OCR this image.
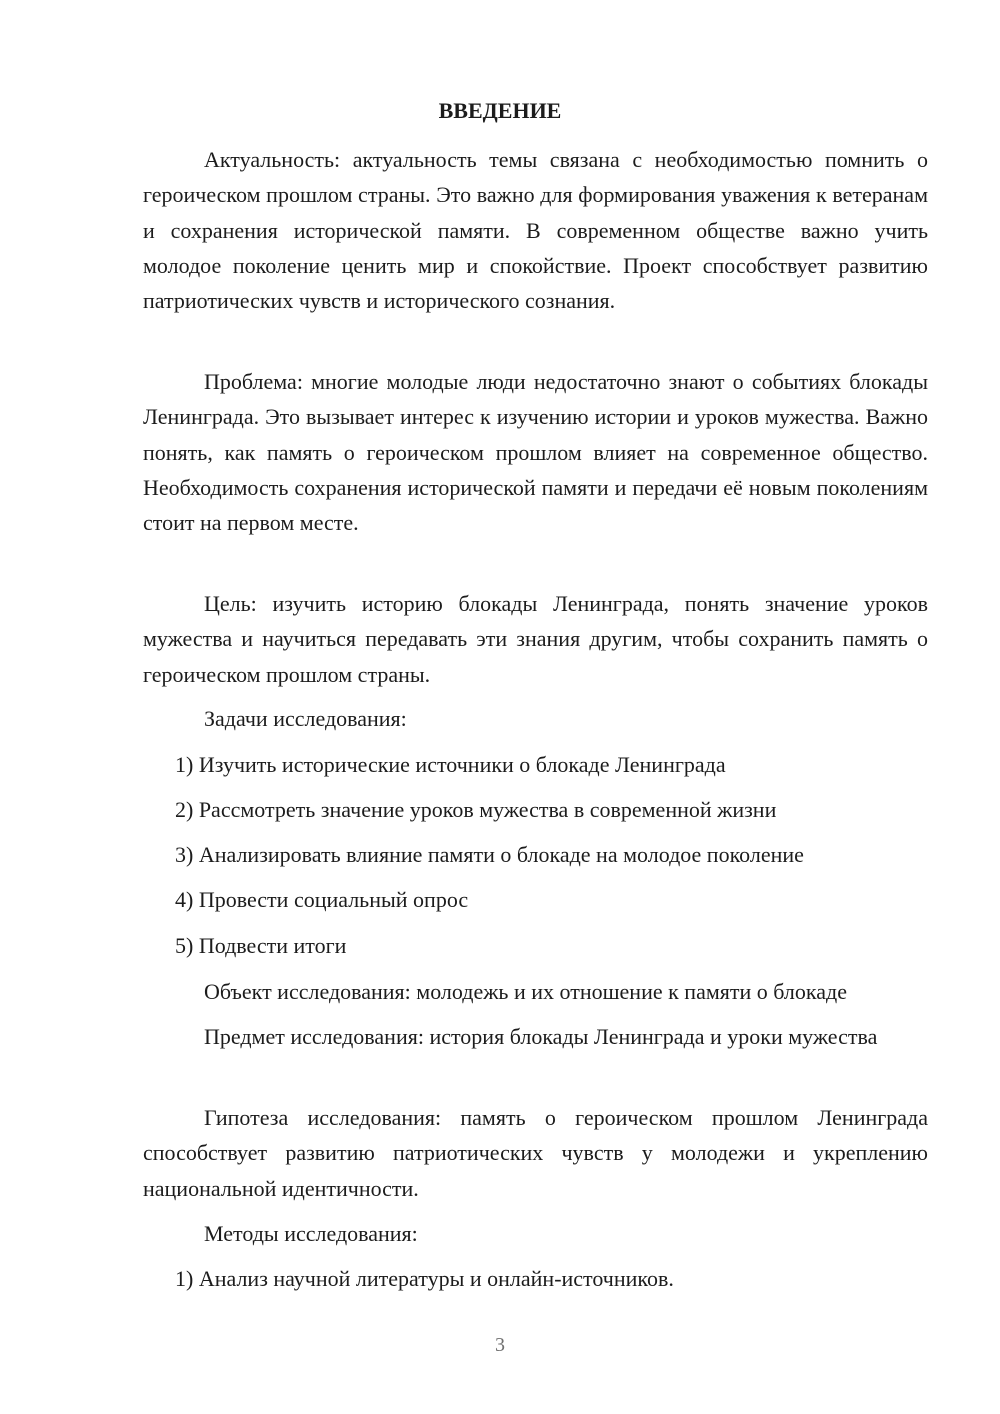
ВВЕДЕНИЕ

Актуальность: актуальность темы связана с необходимостью помнить о героическом прошлом страны. Это важно для формирования уважения к ветеранам и сохранения исторической памяти. В современном обществе важно учить молодое поколение ценить мир и спокойствие. Проект способствует развитию патриотических чувств и исторического сознания.

Проблема: многие молодые люди недостаточно знают о событиях блокады Ленинграда. Это вызывает интерес к изучению истории и уроков мужества. Важно понять, как память о героическом прошлом влияет на современное общество. Необходимость сохранения исторической памяти и передачи её новым поколениям стоит на первом месте.

Цель: изучить историю блокады Ленинграда, понять значение уроков мужества и научиться передавать эти знания другим, чтобы сохранить память о героическом прошлом страны.

Задачи исследования:

1) Изучить исторические источники о блокаде Ленинграда

2) Рассмотреть значение уроков мужества в современной жизни

3) Анализировать влияние памяти о блокаде на молодое поколение

4) Провести социальный опрос

5) Подвести итоги

Объект исследования: молодежь и их отношение к памяти о блокаде

Предмет исследования: история блокады Ленинграда и уроки мужества

Гипотеза исследования: память о героическом прошлом Ленинграда способствует развитию патриотических чувств у молодежи и укреплению национальной идентичности.

Методы исследования:

1) Анализ научной литературы и онлайн-источников.

3
